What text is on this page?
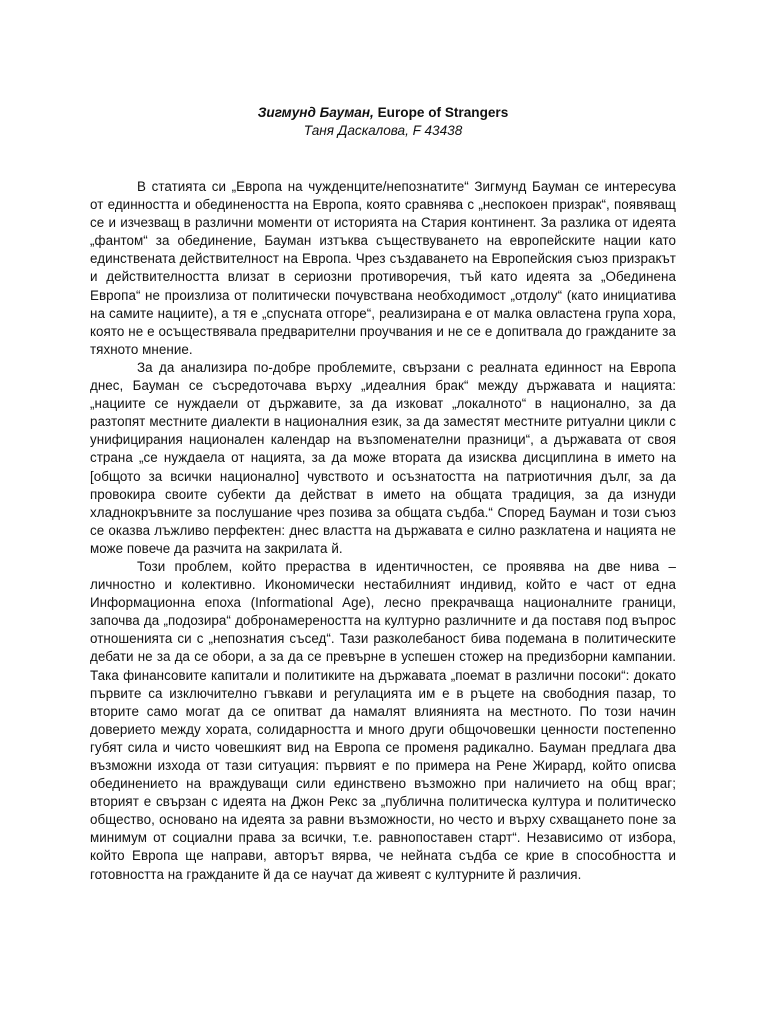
Зигмунд Бауман, Europe of Strangers

Таня Даскалова, F 43438

В статията си „Европа на чужденците/непознатите“ Зигмунд Бауман се интересува от единността и обединеността на Европа, която сравнява с „неспокоен призрак“, появяващ се и изчезващ в различни моменти от историята на Стария континент. За разлика от идеята „фантом“ за обединение, Бауман изтъква съществуването на европейските нации като единствената действителност на Европа. Чрез създаването на Европейския съюз призракът и действителността влизат в сериозни противоречия, тъй като идеята за „Обединена Европа“ не произлиза от политически почувствана необходимост „отдолу“ (като инициатива на самите нациите), а тя е „спусната отгоре“, реализирана е от малка овластена група хора, която не е осъществявала предварителни проучвания и не се е допитвала до гражданите за тяхното мнение.

За да анализира по-добре проблемите, свързани с реалната единност на Европа днес, Бауман се съсредоточава върху „идеалния брак“ между държавата и нацията: „нациите се нуждаели от държавите, за да изковат „локалното“ в национално, за да разтопят местните диалекти в националния език, за да заместят местните ритуални цикли с унифицирания национален календар на възпоменателни празници“, а държавата от своя страна „се нуждаела от нацията, за да може втората да изисква дисциплина в името на [общото за всички национално] чувството и осъзнатостта на патриотичния дълг, за да провокира своите субекти да действат в името на общата традиция, за да изнуди хладнокръвните за послушание чрез позива за общата съдба.“ Според Бауман и този съюз се оказва лъжливо перфектен: днес властта на държавата е силно разклатена и нацията не може повече да разчита на закрилата й.

Този проблем, който прераства в идентичностен, се проявява на две нива – личностно и колективно. Икономически нестабилният индивид, който е част от една Информационна епоха (Informational Age), лесно прекрачваща националните граници, започва да „подозира“ добронамереността на културно различните и да поставя под въпрос отношенията си с „непознатия съсед“. Тази разколебаност бива подемана в политическите дебати не за да се обори, а за да се превърне в успешен стожер на предизборни кампании. Така финансовите капитали и политиките на държавата „поемат в различни посоки“: докато първите са изключително гъвкави и регулацията им е в ръцете на свободния пазар, то вторите само могат да се опитват да намалят влиянията на местното. По този начин доверието между хората, солидарността и много други общочовешки ценности постепенно губят сила и чисто човешкият вид на Европа се променя радикално. Бауман предлага два възможни изхода от тази ситуация: първият е по примера на Рене Жирард, който описва обединението на враждуващи сили единствено възможно при наличието на общ враг; вторият е свързан с идеята на Джон Рекс за „публична политическа култура и политическо общество, основано на идеята за равни възможности, но често и върху схващането поне за минимум от социални права за всички, т.е. равнопоставен старт“. Независимо от избора, който Европа ще направи, авторът вярва, че нейната съдба се крие в способността и готовността на гражданите й да се научат да живеят с културните й различия.
